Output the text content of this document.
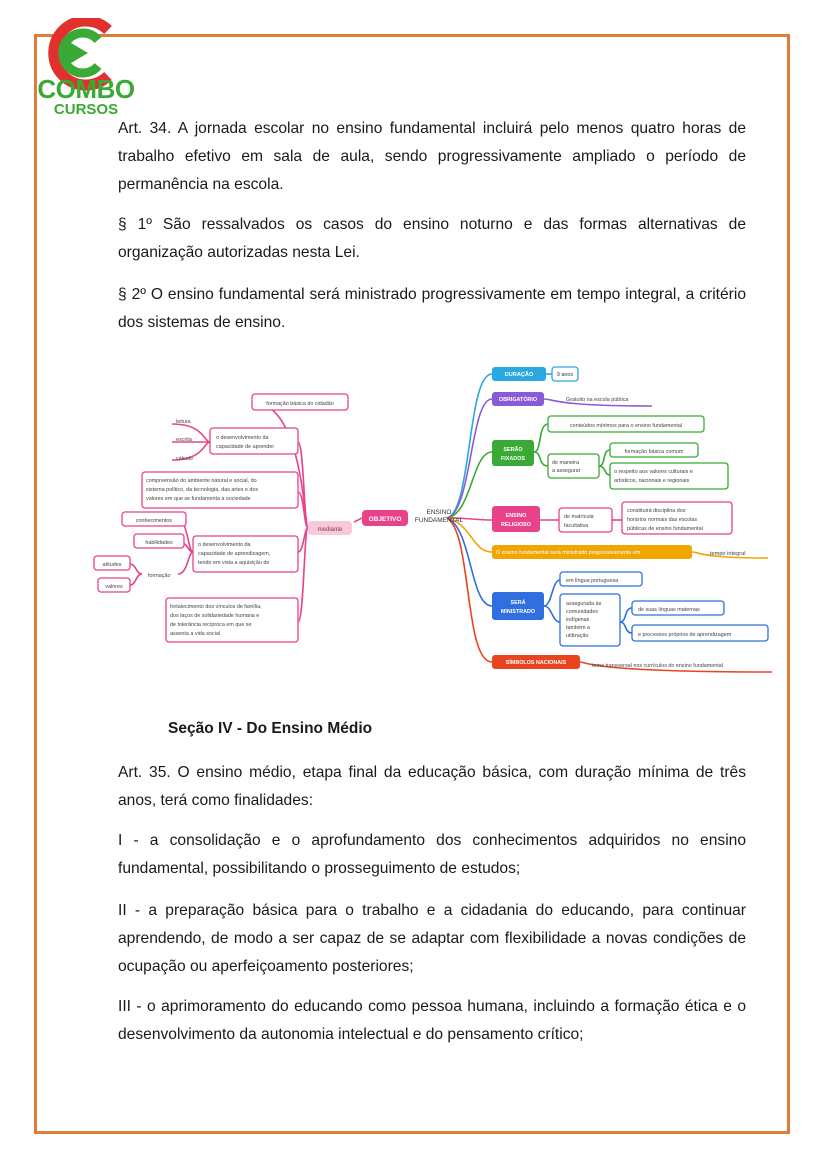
COMBO
CURSOS

Art. 34. A jornada escolar no ensino fundamental incluirá pelo menos quatro horas de trabalho efetivo em sala de aula, sendo progressivamente ampliado o período de permanência na escola.

§ 1º São ressalvados os casos do ensino noturno e das formas alternativas de organização autorizadas nesta Lei.

§ 2º O ensino fundamental será ministrado progressivamente em tempo integral, a critério dos sistemas de ensino.

ENSINO
FUNDAMENTAL
OBJETIVO
mediante
formação básica do cidadão
o desenvolvimento da
capacidade de aprender
leitura
escrita
cálculo
compreensão do ambiente natural e social, do
sistema político, da tecnologia, das artes e dos
valores em que se fundamenta a sociedade
conhecimentos
habilidades	o desenvolvimento da
capacidade de aprendizagem,
tendo em vista a aquisição de
atitudes
valores
formação
fortalecimento dos vínculos de família,
dos laços de solidariedade humana e
de tolerância recíproca em que se
assenta a vida social
DURAÇÃO	9 anos
OBRIGATÓRIO	Gratuito na escola pública
SERÃO
FIXADOS
conteúdos mínimos para o ensino fundamental
de maneira
a assegurar
formação básica comum
o respeito aos valores culturais e
artísticos, nacionais e regionais
ENSINO
RELIGIOSO
de matrícula
facultativa
constituirá disciplina dos
horários normais das escolas
públicas de ensino fundamental
O ensino fundamental será ministrado progressivamente em	tempo integral
SERÁ
MINISTRADO
em língua portuguesa
assegurada às
comunidades
indígenas
também a
utilização
de suas línguas maternas
e processos próprios de aprendizagem
SÍMBOLOS NACIONAIS	tema transversal nos currículos do ensino fundamental
Seção IV - Do Ensino Médio

Art. 35. O ensino médio, etapa final da educação básica, com duração mínima de três anos, terá como finalidades:

I - a consolidação e o aprofundamento dos conhecimentos adquiridos no ensino fundamental, possibilitando o prosseguimento de estudos;

II - a preparação básica para o trabalho e a cidadania do educando, para continuar aprendendo, de modo a ser capaz de se adaptar com flexibilidade a novas condições de ocupação ou aperfeiçoamento posteriores;

III - o aprimoramento do educando como pessoa humana, incluindo a formação ética e o desenvolvimento da autonomia intelectual e do pensamento crítico;
